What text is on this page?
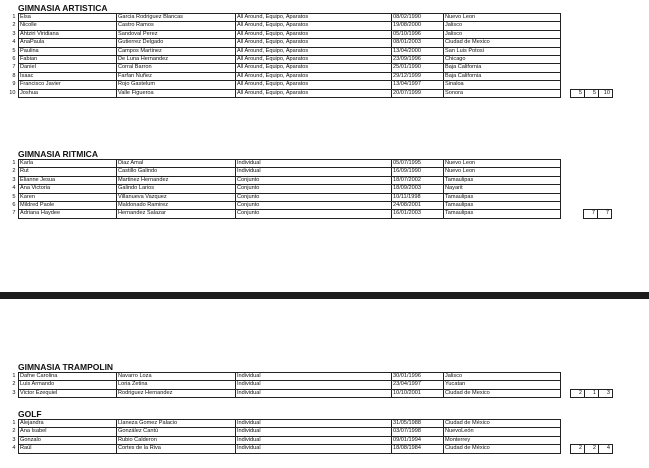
GIMNASIA ARTISTICA
1	Elsa	Garcia Rodriguez Blancas	All Around, Equipo, Aparatos	08/02/1990	Nuevo Leon				
2	Nicolle	Castro Ramos	All Around, Equipo, Aparatos	19/08/2000	Jalisco				
3	Ahtziri Viridiana	Sandoval Perez	All Around, Equipo, Aparatos	05/10/1996	Jalisco				
4	AnaPaula	Gutierrez Delgado	All Around, Equipo, Aparatos	08/01/2003	Ciudad de Mexico				
5	Paulina	Campos Martinez	All Around, Equipo, Aparatos	13/04/2000	San Luis Potosi				
6	Fabian	De Luna Hernandez	All Around, Equipo, Aparatos	23/09/1996	Chicago				
7	Daniel	Corral Barron	All Around, Equipo, Aparatos	25/01/1990	Baja California				
8	Isaac	Farfan Nuñez	All Around, Equipo, Aparatos	29/12/1999	Baja California				
9	Francisco Javier	Rojo Gastelum	All Around, Equipo, Aparatos	13/04/1997	Sinaloa				
10	Joshua	Valle Figueroa	All Around, Equipo, Aparatos	20/07/1999	Sonora		5	5	10
GIMNASIA RITMICA
1	Karla	Diaz Amal	Individual	05/07/1995	Nuevo Leon				
2	Rut	Castillo Galindo	Individual	16/09/1990	Nuevo Leon				
3	Elianne Jesua	Martinez Hernandez	Conjunto	18/07/2002	Tamaulipas				
4	Ana Victoria	Galindo Larios	Conjunto	18/09/2003	Nayarit				
5	Karen	Villanueva Vazquez	Conjunto	10/11/1998	Tamaulipas				
6	Mildred Paole	Maldonado Ramirez	Conjunto	24/08/2001	Tamaulipas				
7	Adriana Haydee	Hernandez Salazar	Conjunto	16/01/2003	Tamaulipas			7	7
GIMNASIA TRAMPOLIN
1	Dafne Carolina	Navarro Loza	Individual	30/01/1996	Jalisco				
2	Luis Armando	Loria Zetina	Individual	23/04/1997	Yucatan				
3	Victor Ezequiel	Rodriguez Hernandez	Individual	10/10/2001	Ciudad de Mexico		2	1	3
GOLF
1	Alejandra	Llaneza Gomez Palacio	Individual	31/05/1988	Ciudad de México				
2	Ana Isabel	González Cantú	Individual	03/07/1998	NuevoLeón				
3	Gonzalo	Rubio Calderon	Individual	09/01/1994	Monterrey				
4	Raúl	Cortes de la Riva	Individual	18/08/1984	Ciudad de México		2	2	4
